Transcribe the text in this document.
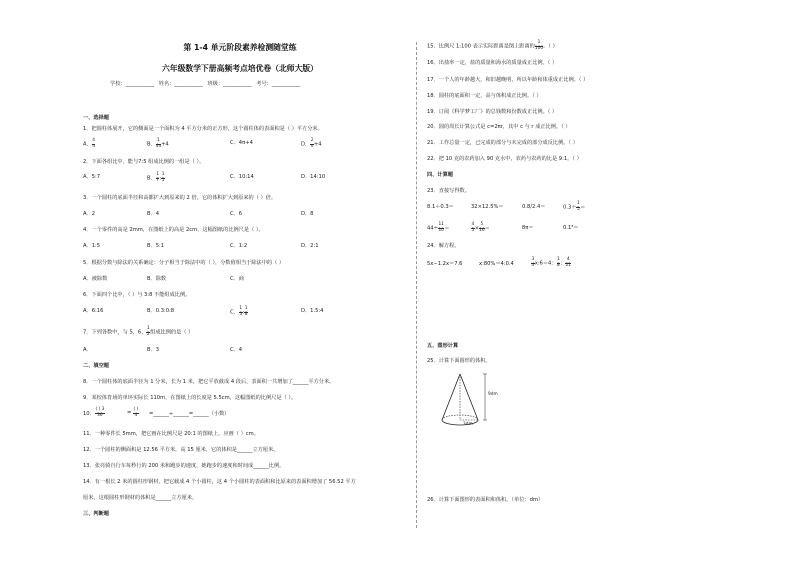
第 1-4 单元阶段素养检测随堂练
六年级数学下册高频考点培优卷（北师大版）
学校：___________ 姓名：___________ 班级：___________ 考号：___________
一、选择题
1．把圆柱体展开，它的侧面是一个面积为 4 平方分米的正方形，这个圆柱体的表面积是（ ）平方分米。
A． $\frac{4}{\pi}$	B． $\frac{1}{4\pi} +4$	C．4π+4	D． $\frac{2}{\pi} +4$
2．下面各组比中，能与7:5 组成比例的一组是（ ）。
A．5:7	B． $\frac{1}{7}$ : $\frac{1}{5}$	C．10:14	D．14:10
3．一个圆柱的底面半径和高都扩大到原来的 2 倍，它的体积扩大到原来的（ ）倍。
A．2	B．4	C．6	D．8
4．一个零件的高是 2mm，在图纸上的高是 2cm，这幅图纸的比例尺是（ ）。
A．1:5	B．5:1	C．1:2	D．2:1
5．根据分数与除法的关系确定：分子相当于除法中的（ ），分数值相当于除法中的（ ）
A．被除数	B．除数	C．商
6．下面四个比中，（ ）与 3:8 不能组成比例。
A．6:16	B．0.3:0.8	C． $\frac{1}{3}$ : $\frac{1}{8}$	D．1.5:4
7．下列各数中，与 5，6， $\frac{1}{2}$ 组成比例的是（ ）
A．	B．3	C．4
二、填空题
8．一个圆柱体的底面半径为 1 分米，长为 1 米，把它平放截成 4 段后，表面积一共增加了______平方分米。
9．某校体育场的单环实际长 110m，在图纸上的长度是 5.5cm，这幅图纸的比例尺是（ ）。
10． $\frac{( ) 3}{36}$	=
( )
4 =______÷______=______（小数）
11．一种零件长 5mm，把它画在比例尺是 20:1 的图纸上，应画（ ）cm。
12．一个圆柱的侧面积是 12.56 平方米，高 15 厘米，它的体积是______立方厘米。
13．张亮骑自行车每秒行的 200 米和跑步的速度，她跑步的速度和时间成______比例。
14．有一根长 2 米的圆柱形钢材，把它截成 4 个小圆柱，这 4 个小圆柱的表面积和比原来的表面积增加了 56.52 平方
厘米，这根圆柱形钢材的体积是______立方厘米。
三、判断题
15．比例尺 1:100 表示实际距离是图上距离的 $\frac{1}{100}$ 。（ ）
16．出盐率一定，盐的质量和海水的质量成正比例。（ ）
17．一个人的年龄越大，和旧越晚明，所以年龄和体重成正比例。（ ）
18．圆柱的底面积一定，高与体积成正比例。（ ）
19．订阅《科学梦工厂》的总钱数和份数成正比例。（ ）
20．圆的周长计算公式是 c=2πr，其中 c 与 r 成正比例。（ ）
21．工作总量一定，已完成的部分与未完成的部分成反比例。（ ）
22．把 10 克的农药加入 90 克水中，农药与农药的比是 9:1。（ ）
四、计算题
23．直接写得数。
8.1＋0.3＝	32×12.5%＝	0.8/2.4＝	$0.3+ \frac{1}{5}$ ＝
$44\div \frac{11}{10}$ ＝	$\frac{4}{5} \times \frac{5}{16}$ ＝	8π＝	0.1³＝
24．解方程。
5x−1.2x＝7.6	x:80%＝4:0.4	$\frac{3}{4}$ x:6＝4： $\frac{1}{8}$ ： $\frac{4}{21}$
五、图形计算
25．计算下面圆形的体积。
9dm
3dm
26．计算下面图形的表面积和体积。（单位：dm）
